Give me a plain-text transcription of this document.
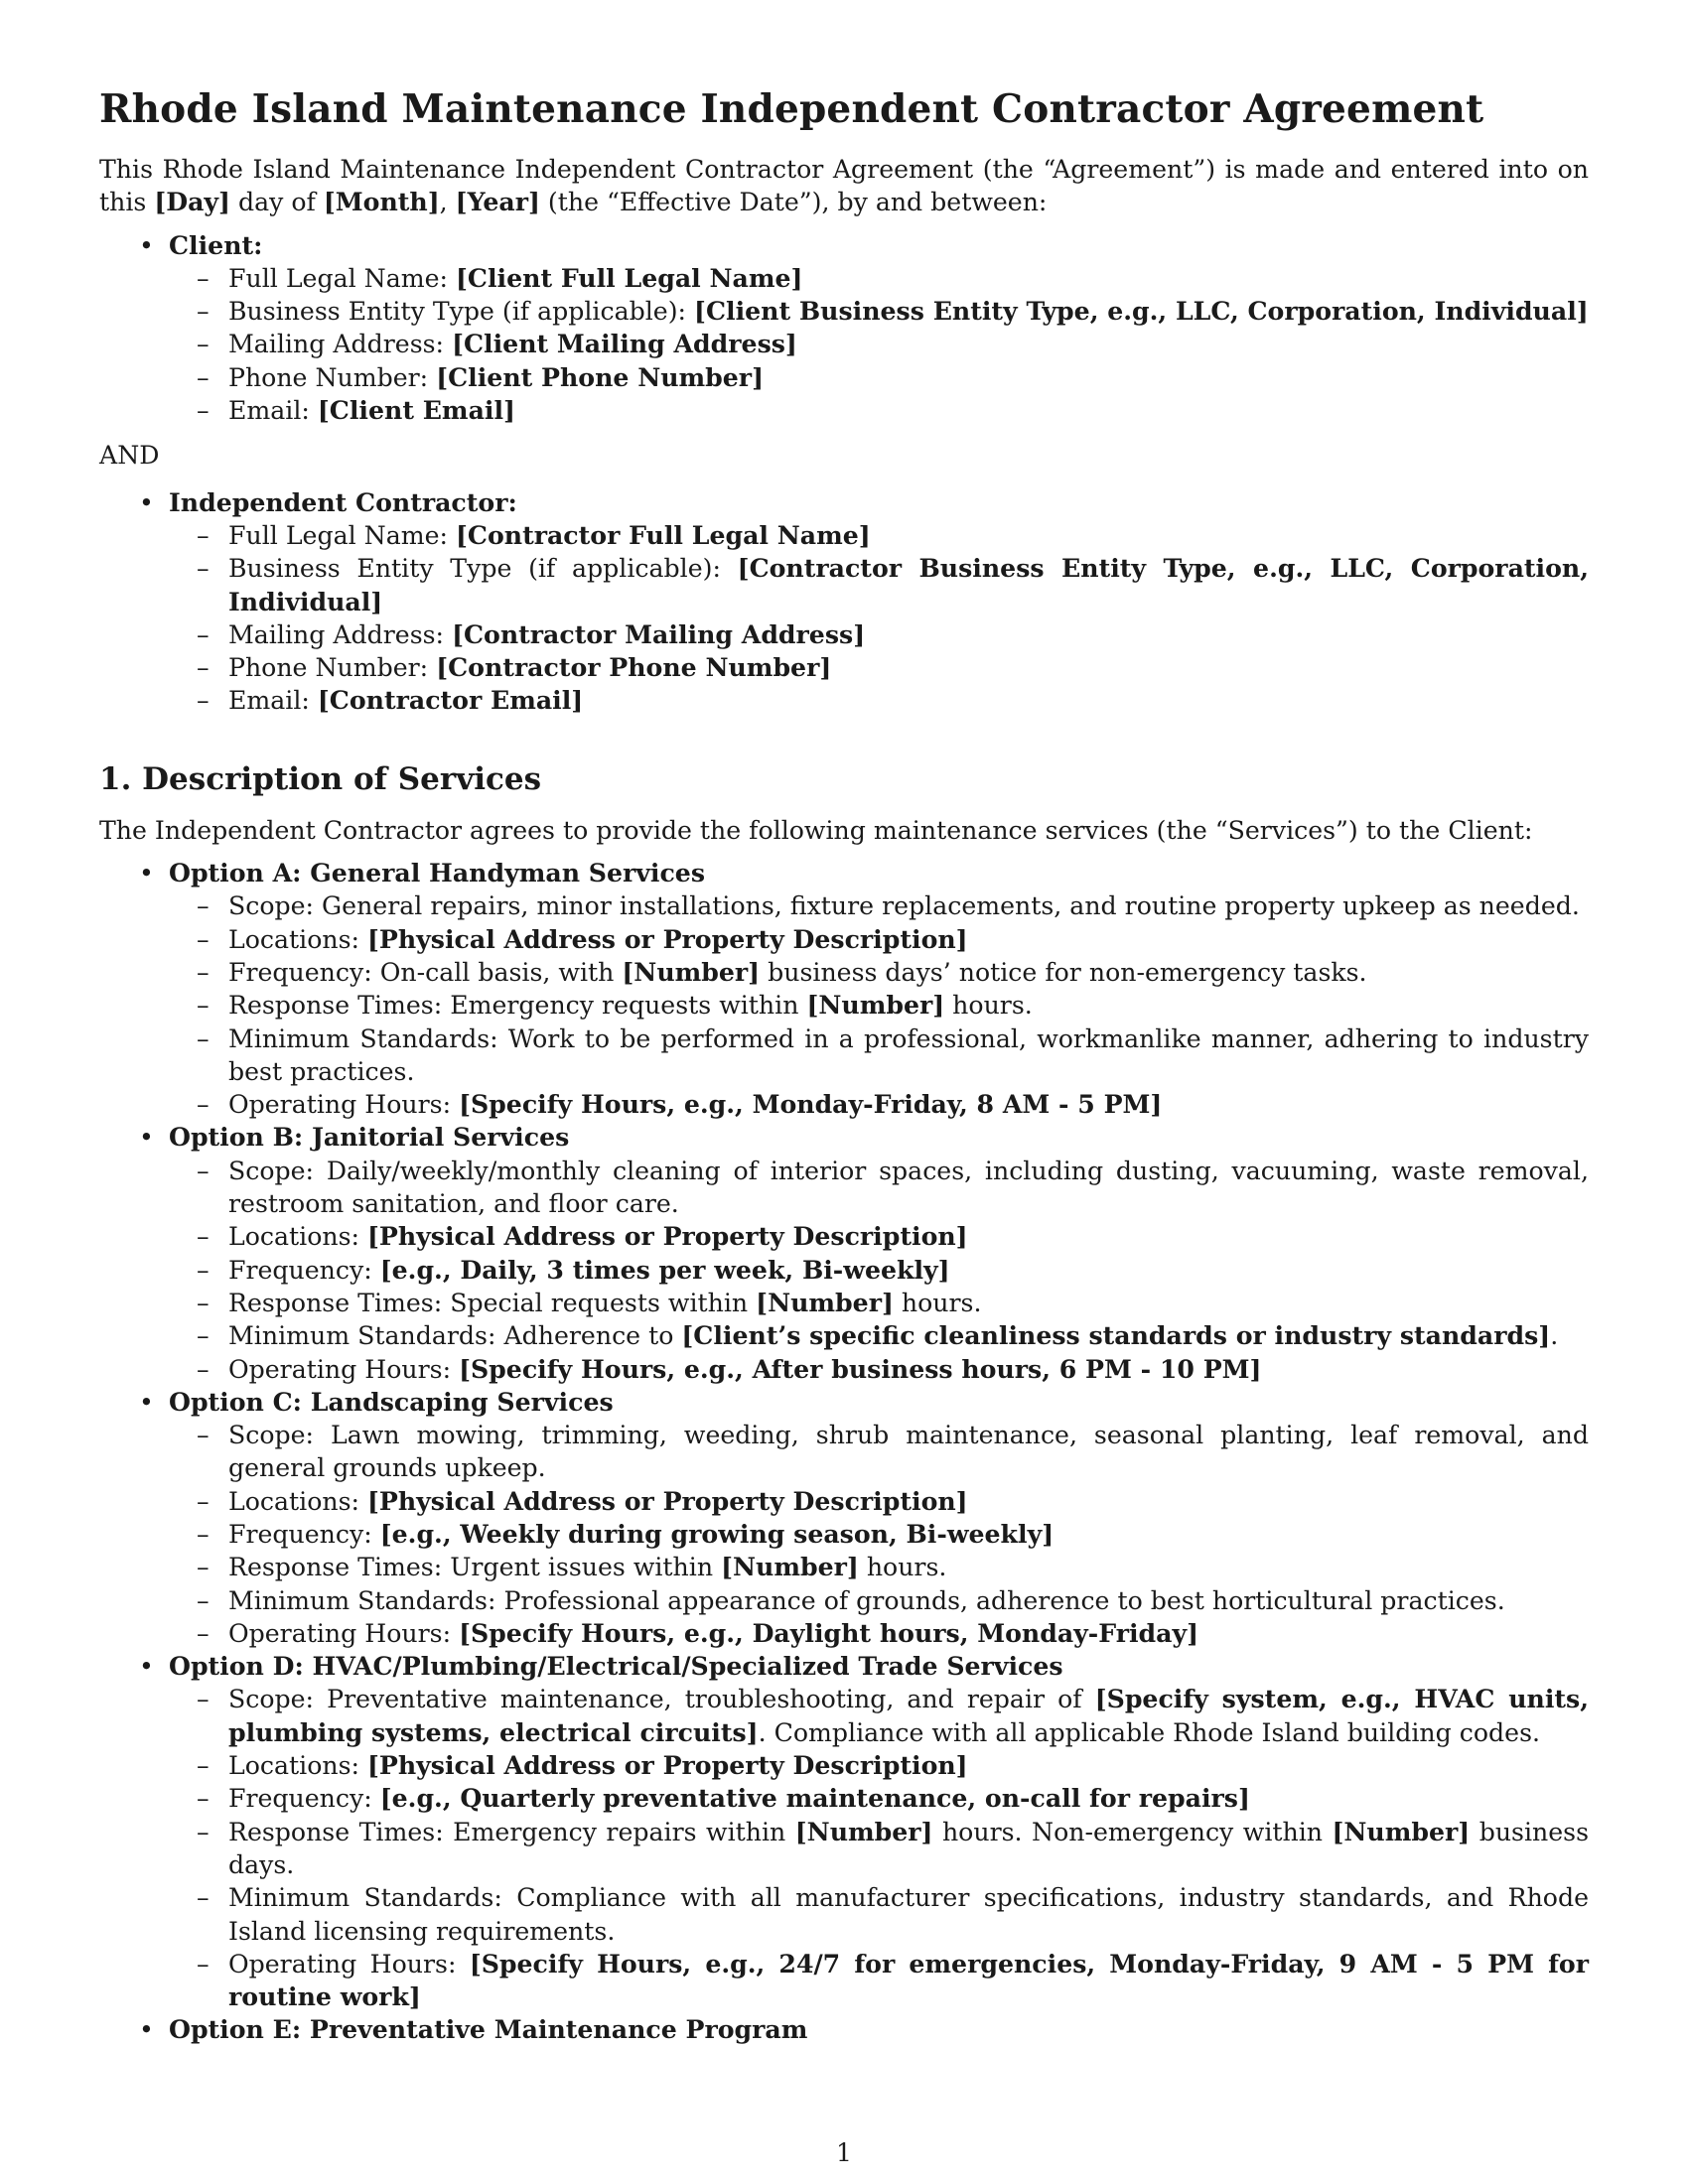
Rhode Island Maintenance Independent Contractor Agreement

This Rhode Island Maintenance Independent Contractor Agreement (the “Agreement”) is made and entered into on this [Day] day of [Month], [Year] (the “Effective Date”), by and between:

• Client:
– Full Legal Name: [Client Full Legal Name]
– Business Entity Type (if applicable): [Client Business Entity Type, e.g., LLC, Corporation, Individual]
– Mailing Address: [Client Mailing Address]
– Phone Number: [Client Phone Number]
– Email: [Client Email]

AND

• Independent Contractor:
– Full Legal Name: [Contractor Full Legal Name]
– Business Entity Type (if applicable): [Contractor Business Entity Type, e.g., LLC, Corporation, Individual]
– Mailing Address: [Contractor Mailing Address]
– Phone Number: [Contractor Phone Number]
– Email: [Contractor Email]
1. Description of Services

The Independent Contractor agrees to provide the following maintenance services (the “Services”) to the Client:

• Option A: General Handyman Services
– Scope: General repairs, minor installations, fixture replacements, and routine property upkeep as needed.
– Locations: [Physical Address or Property Description]
– Frequency: On-call basis, with [Number] business days’ notice for non-emergency tasks.
– Response Times: Emergency requests within [Number] hours.
– Minimum Standards: Work to be performed in a professional, workmanlike manner, adhering to industry best practices.
– Operating Hours: [Specify Hours, e.g., Monday-Friday, 8 AM - 5 PM]
• Option B: Janitorial Services
– Scope: Daily/weekly/monthly cleaning of interior spaces, including dusting, vacuuming, waste removal, restroom sanitation, and floor care.
– Locations: [Physical Address or Property Description]
– Frequency: [e.g., Daily, 3 times per week, Bi-weekly]
– Response Times: Special requests within [Number] hours.
– Minimum Standards: Adherence to [Client’s specific cleanliness standards or industry standards].
– Operating Hours: [Specify Hours, e.g., After business hours, 6 PM - 10 PM]
• Option C: Landscaping Services
– Scope: Lawn mowing, trimming, weeding, shrub maintenance, seasonal planting, leaf removal, and general grounds upkeep.
– Locations: [Physical Address or Property Description]
– Frequency: [e.g., Weekly during growing season, Bi-weekly]
– Response Times: Urgent issues within [Number] hours.
– Minimum Standards: Professional appearance of grounds, adherence to best horticultural practices.
– Operating Hours: [Specify Hours, e.g., Daylight hours, Monday-Friday]
• Option D: HVAC/Plumbing/Electrical/Specialized Trade Services
– Scope: Preventative maintenance, troubleshooting, and repair of [Specify system, e.g., HVAC units, plumbing systems, electrical circuits]. Compliance with all applicable Rhode Island building codes.
– Locations: [Physical Address or Property Description]
– Frequency: [e.g., Quarterly preventative maintenance, on-call for repairs]
– Response Times: Emergency repairs within [Number] hours. Non-emergency within [Number] business days.
– Minimum Standards: Compliance with all manufacturer specifications, industry standards, and Rhode Island licensing requirements.
– Operating Hours: [Specify Hours, e.g., 24/7 for emergencies, Monday-Friday, 9 AM - 5 PM for routine work]
• Option E: Preventative Maintenance Program
1
